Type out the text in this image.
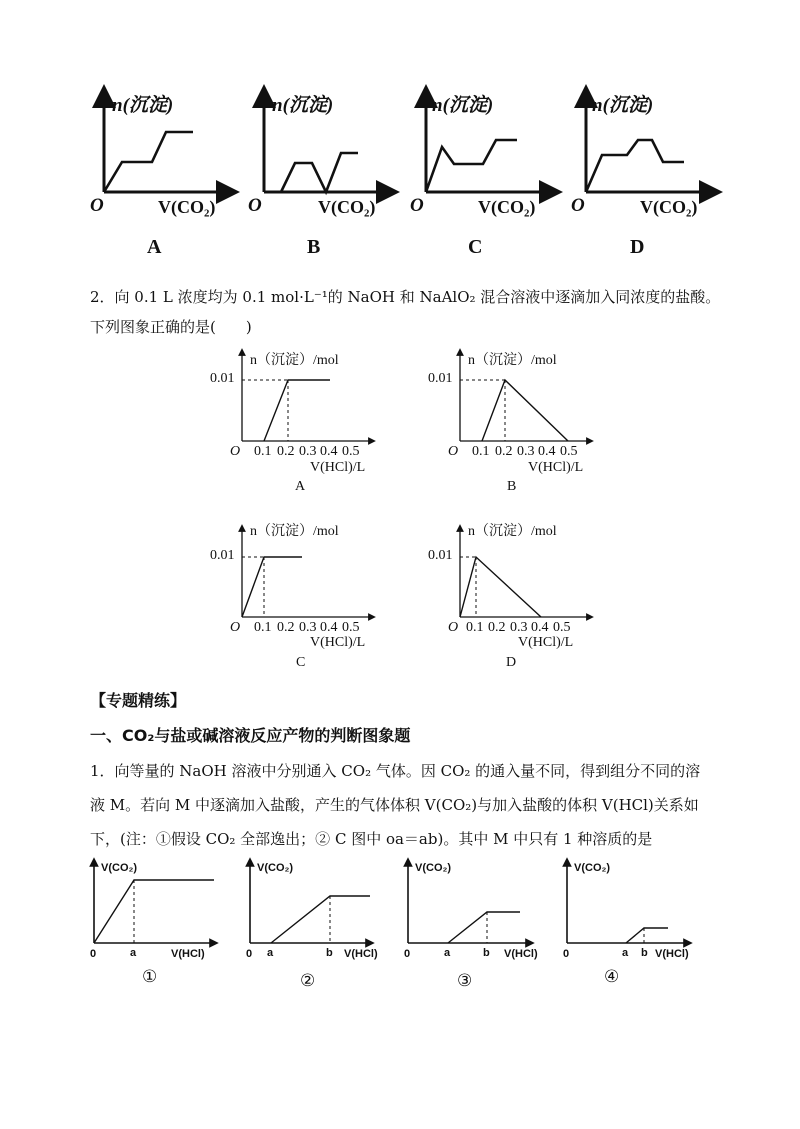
n(沉淀)	n(沉淀)	n(沉淀)	n(沉淀)
O	O	O	O
V(CO₂)	V(CO₂)	V(CO₂)	V(CO₂)
A	B	C	D
2．向 0.1 L 浓度均为 0.1 mol·L⁻¹的 NaOH 和 NaAlO₂ 混合溶液中逐滴加入同浓度的盐酸。
下列图象正确的是(　　)
n（沉淀）/mol	n（沉淀）/mol
n（沉淀）/mol	n（沉淀）/mol
0.01	0.01
0.01	0.01
O	O
O	O
0.1 0.2 0.3 0.4 0.5	0.1 0.2 0.3 0.4 0.5
0.1 0.2 0.3 0.4 0.5	0.1 0.2 0.3 0.4 0.5
V(HCl)/L	V(HCl)/L
V(HCl)/L	V(HCl)/L
A	B
C	D
【专题精练】
一、CO₂与盐或碱溶液反应产物的判断图象题
1．向等量的 NaOH 溶液中分别通入 CO₂ 气体。因 CO₂ 的通入量不同，得到组分不同的溶
液 M。若向 M 中逐滴加入盐酸，产生的气体体积 V(CO₂)与加入盐酸的体积 V(HCl)关系如
下，(注：①假设 CO₂ 全部逸出；② C 图中 oa＝ab)。其中 M 中只有 1 种溶质的是
V(CO₂)	V(CO₂)	V(CO₂)	V(CO₂)
0	a	V(HCl)	0 a	b V(HCl) 0	a	b V(HCl) 0	a b V(HCl)
①	②	③	④
